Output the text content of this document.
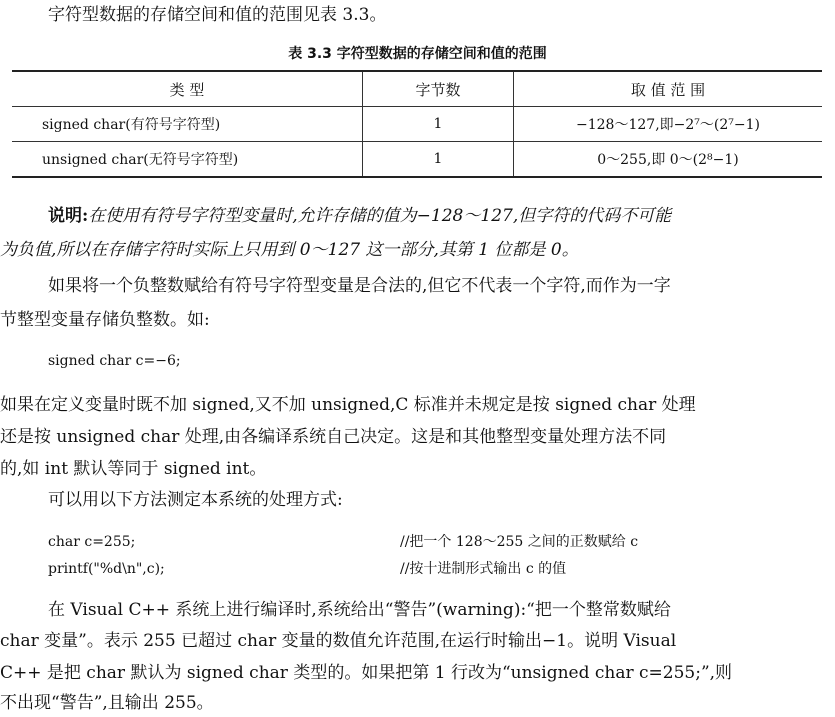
字符型数据的存储空间和值的范围见表 3.3。
表 3.3 字符型数据的存储空间和值的范围
类 型	字节数	取 值 范 围
signed char(有符号字符型)	1	−128～127,即−2⁷～(2⁷−1)
unsigned char(无符号字符型)	1	0～255,即 0～(2⁸−1)
说明:在使用有符号字符型变量时,允许存储的值为−128～127,但字符的代码不可能
为负值,所以在存储字符时实际上只用到 0～127 这一部分,其第 1 位都是 0。
如果将一个负整数赋给有符号字符型变量是合法的,但它不代表一个字符,而作为一字
节整型变量存储负整数。如:
signed char c=−6;
如果在定义变量时既不加 signed,又不加 unsigned,C 标准并未规定是按 signed char 处理
还是按 unsigned char 处理,由各编译系统自己决定。这是和其他整型变量处理方法不同
的,如 int 默认等同于 signed int。
可以用以下方法测定本系统的处理方式:
char c=255;	//把一个 128～255 之间的正数赋给 c
printf("%d\n",c);	//按十进制形式输出 c 的值
在 Visual C++ 系统上进行编译时,系统给出“警告”(warning):“把一个整常数赋给
char 变量”。表示 255 已超过 char 变量的数值允许范围,在运行时输出−1。说明 Visual
C++ 是把 char 默认为 signed char 类型的。如果把第 1 行改为“unsigned char c=255;”,则
不出现“警告”,且输出 255。
